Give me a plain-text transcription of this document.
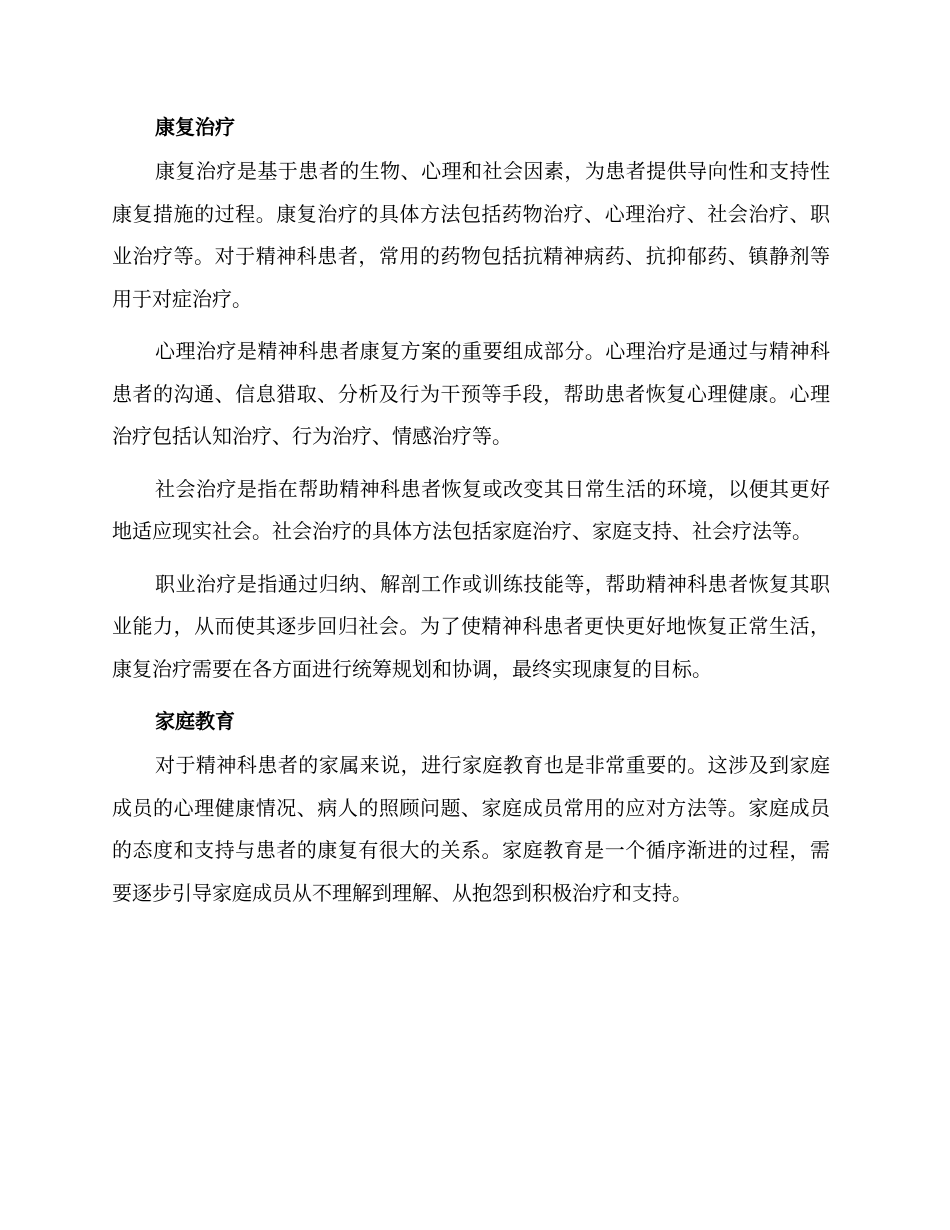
康复治疗

康复治疗是基于患者的生物、心理和社会因素，为患者提供导向性和支持性康复措施的过程。康复治疗的具体方法包括药物治疗、心理治疗、社会治疗、职业治疗等。对于精神科患者，常用的药物包括抗精神病药、抗抑郁药、镇静剂等用于对症治疗。

心理治疗是精神科患者康复方案的重要组成部分。心理治疗是通过与精神科患者的沟通、信息猎取、分析及行为干预等手段，帮助患者恢复心理健康。心理治疗包括认知治疗、行为治疗、情感治疗等。

社会治疗是指在帮助精神科患者恢复或改变其日常生活的环境，以便其更好地适应现实社会。社会治疗的具体方法包括家庭治疗、家庭支持、社会疗法等。

职业治疗是指通过归纳、解剖工作或训练技能等，帮助精神科患者恢复其职业能力，从而使其逐步回归社会。为了使精神科患者更快更好地恢复正常生活，康复治疗需要在各方面进行统筹规划和协调，最终实现康复的目标。

家庭教育

对于精神科患者的家属来说，进行家庭教育也是非常重要的。这涉及到家庭成员的心理健康情况、病人的照顾问题、家庭成员常用的应对方法等。家庭成员的态度和支持与患者的康复有很大的关系。家庭教育是一个循序渐进的过程，需要逐步引导家庭成员从不理解到理解、从抱怨到积极治疗和支持。
